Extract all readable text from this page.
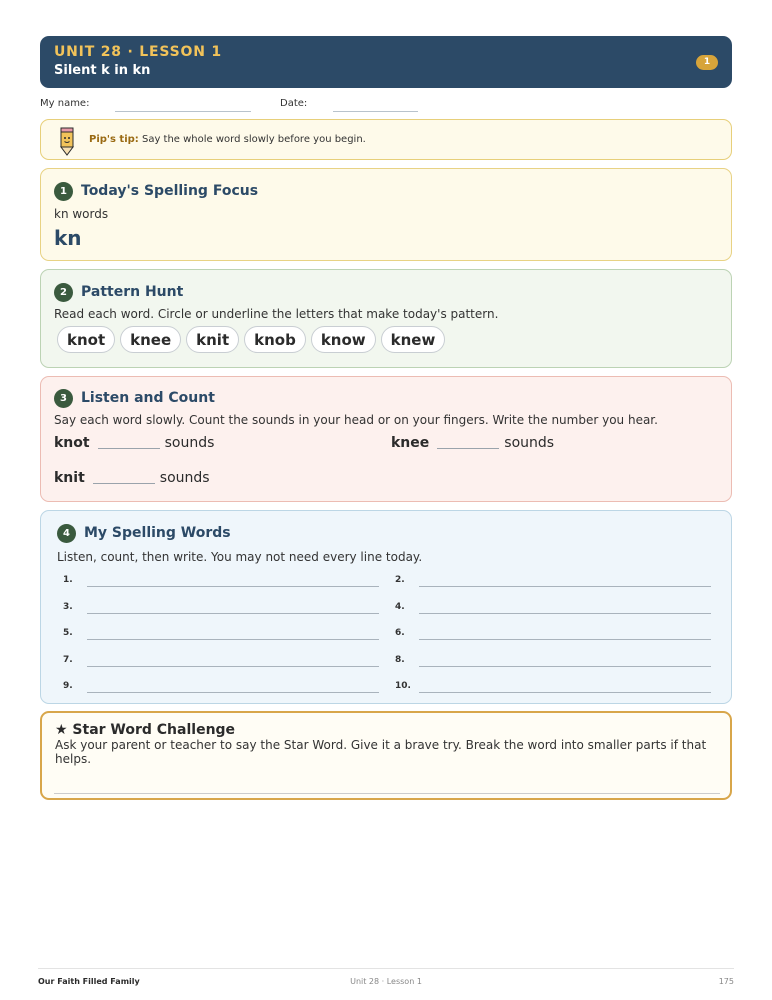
UNIT 28 · LESSON 1
Silent k in kn
1
My name:	Date:
Pip's tip: Say the whole word slowly before you begin.
1	Today's Spelling Focus
kn words
kn
2	Pattern Hunt
Read each word. Circle or underline the letters that make today's pattern.
knot	knee	knit	knob	know	knew
3	Listen and Count
Say each word slowly. Count the sounds in your head or on your fingers. Write the number you hear.
knot	sounds	knee	sounds
knit	sounds
4	My Spelling Words
Listen, count, then write. You may not need every line today.
1.	2.
3.	4.
5.	6.
7.	8.
9.	10.
★ Star Word Challenge
Ask your parent or teacher to say the Star Word. Give it a brave try. Break the word into smaller parts if that helps.
Our Faith Filled Family	Unit 28 · Lesson 1	175
